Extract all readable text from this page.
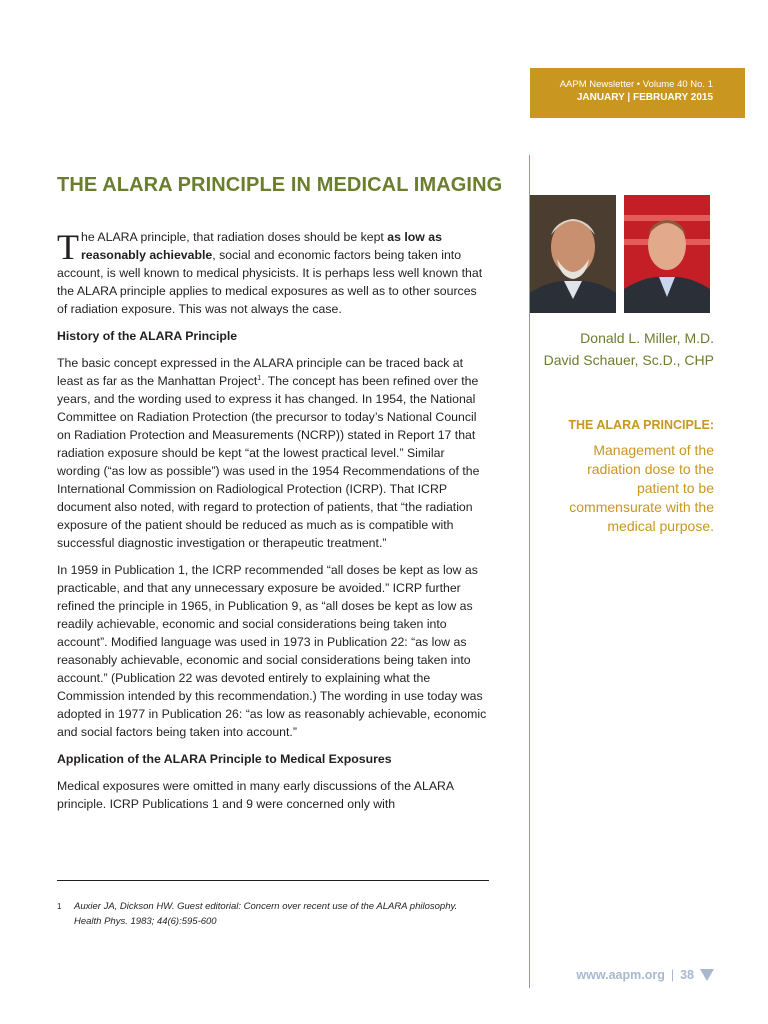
AAPM Newsletter • Volume 40 No. 1
JANUARY | FEBRUARY 2015
THE ALARA PRINCIPLE IN MEDICAL IMAGING

The ALARA principle, that radiation doses should be kept as low as reasonably achievable, social and economic factors being taken into account, is well known to medical physicists. It is perhaps less well known that the ALARA principle applies to medical exposures as well as to other sources of radiation exposure. This was not always the case.

History of the ALARA Principle

The basic concept expressed in the ALARA principle can be traced back at least as far as the Manhattan Project$^1$. The concept has been refined over the years, and the wording used to express it has changed. In 1954, the National Committee on Radiation Protection (the precursor to today’s National Council on Radiation Protection and Measurements (NCRP)) stated in Report 17 that radiation exposure should be kept “at the lowest practical level.” Similar wording (“as low as possible”) was used in the 1954 Recommendations of the International Commission on Radiological Protection (ICRP). That ICRP document also noted, with regard to protection of patients, that “the radiation exposure of the patient should be reduced as much as is compatible with successful diagnostic investigation or therapeutic treatment.”

In 1959 in Publication 1, the ICRP recommended “all doses be kept as low as practicable, and that any unnecessary exposure be avoided.” ICRP further refined the principle in 1965, in Publication 9, as “all doses be kept as low as readily achievable, economic and social considerations being taken into account”. Modified language was used in 1973 in Publication 22: “as low as reasonably achievable, economic and social considerations being taken into account.” (Publication 22 was devoted entirely to explaining what the Commission intended by this recommendation.) The wording in use today was adopted in 1977 in Publication 26: “as low as reasonably achievable, economic and social factors being taken into account.”

Application of the ALARA Principle to Medical Exposures

Medical exposures were omitted in many early discussions of the ALARA principle. ICRP Publications 1 and 9 were concerned only with

1 Auxier JA, Dickson HW. Guest editorial: Concern over recent use of the ALARA philosophy. Health Phys. 1983; 44(6):595-600
Donald L. Miller, M.D.
David Schauer, Sc.D., CHP
THE ALARA PRINCIPLE:
Management of the radiation dose to the patient to be commensurate with the medical purpose.
www.aapm.org | 38
